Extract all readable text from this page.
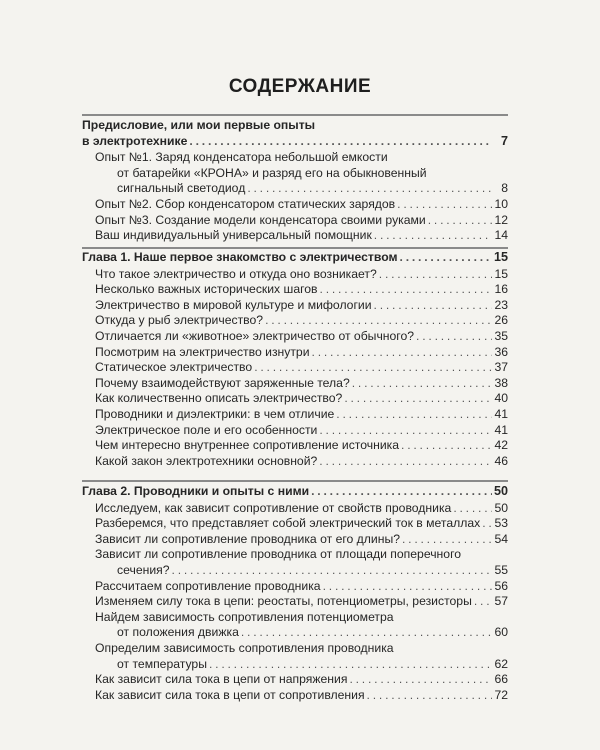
СОДЕРЖАНИЕ
Предисловие, или мои первые опыты
в электротехнике . . .	7
Опыт №1. Заряд конденсатора небольшой емкости
от батарейки «КРОНА» и разряд его на обыкновенный
сигнальный светодиод . . .	8
Опыт №2. Сбор конденсатором статических зарядов . . .	10
Опыт №3. Создание модели конденсатора своими руками . . .	12
Ваш индивидуальный универсальный помощник . . .	14
Глава 1. Наше первое знакомство с электричеством . . .	15
Что такое электричество и откуда оно возникает? . . .	15
Несколько важных исторических шагов . . .	16
Электричество в мировой культуре и мифологии . . .	23
Откуда у рыб электричество? . . .	26
Отличается ли «животное» электричество от обычного? . . .	35
Посмотрим на электричество изнутри . . .	36
Статическое электричество . . .	37
Почему взаимодействуют заряженные тела? . . .	38
Как количественно описать электричество? . . .	40
Проводники и диэлектрики: в чем отличие . . .	41
Электрическое поле и его особенности . . .	41
Чем интересно внутреннее сопротивление источника . . .	42
Какой закон электротехники основной? . . .	46
Глава 2. Проводники и опыты с ними . . .	50
Исследуем, как зависит сопротивление от свойств проводника . . .	50
Разберемся, что представляет собой электрический ток в металлах . . . 53
Зависит ли сопротивление проводника от его длины? . . .	54
Зависит ли сопротивление проводника от площади поперечного
сечения? . . .	55
Рассчитаем сопротивление проводника . . .	56
Изменяем силу тока в цепи: реостаты, потенциометры, резисторы . . . 57
Найдем зависимость сопротивления потенциометра
от положения движка . . .	60
Определим зависимость сопротивления проводника
от температуры . . .	62
Как зависит сила тока в цепи от напряжения . . .	66
Как зависит сила тока в цепи от сопротивления . . .	72
